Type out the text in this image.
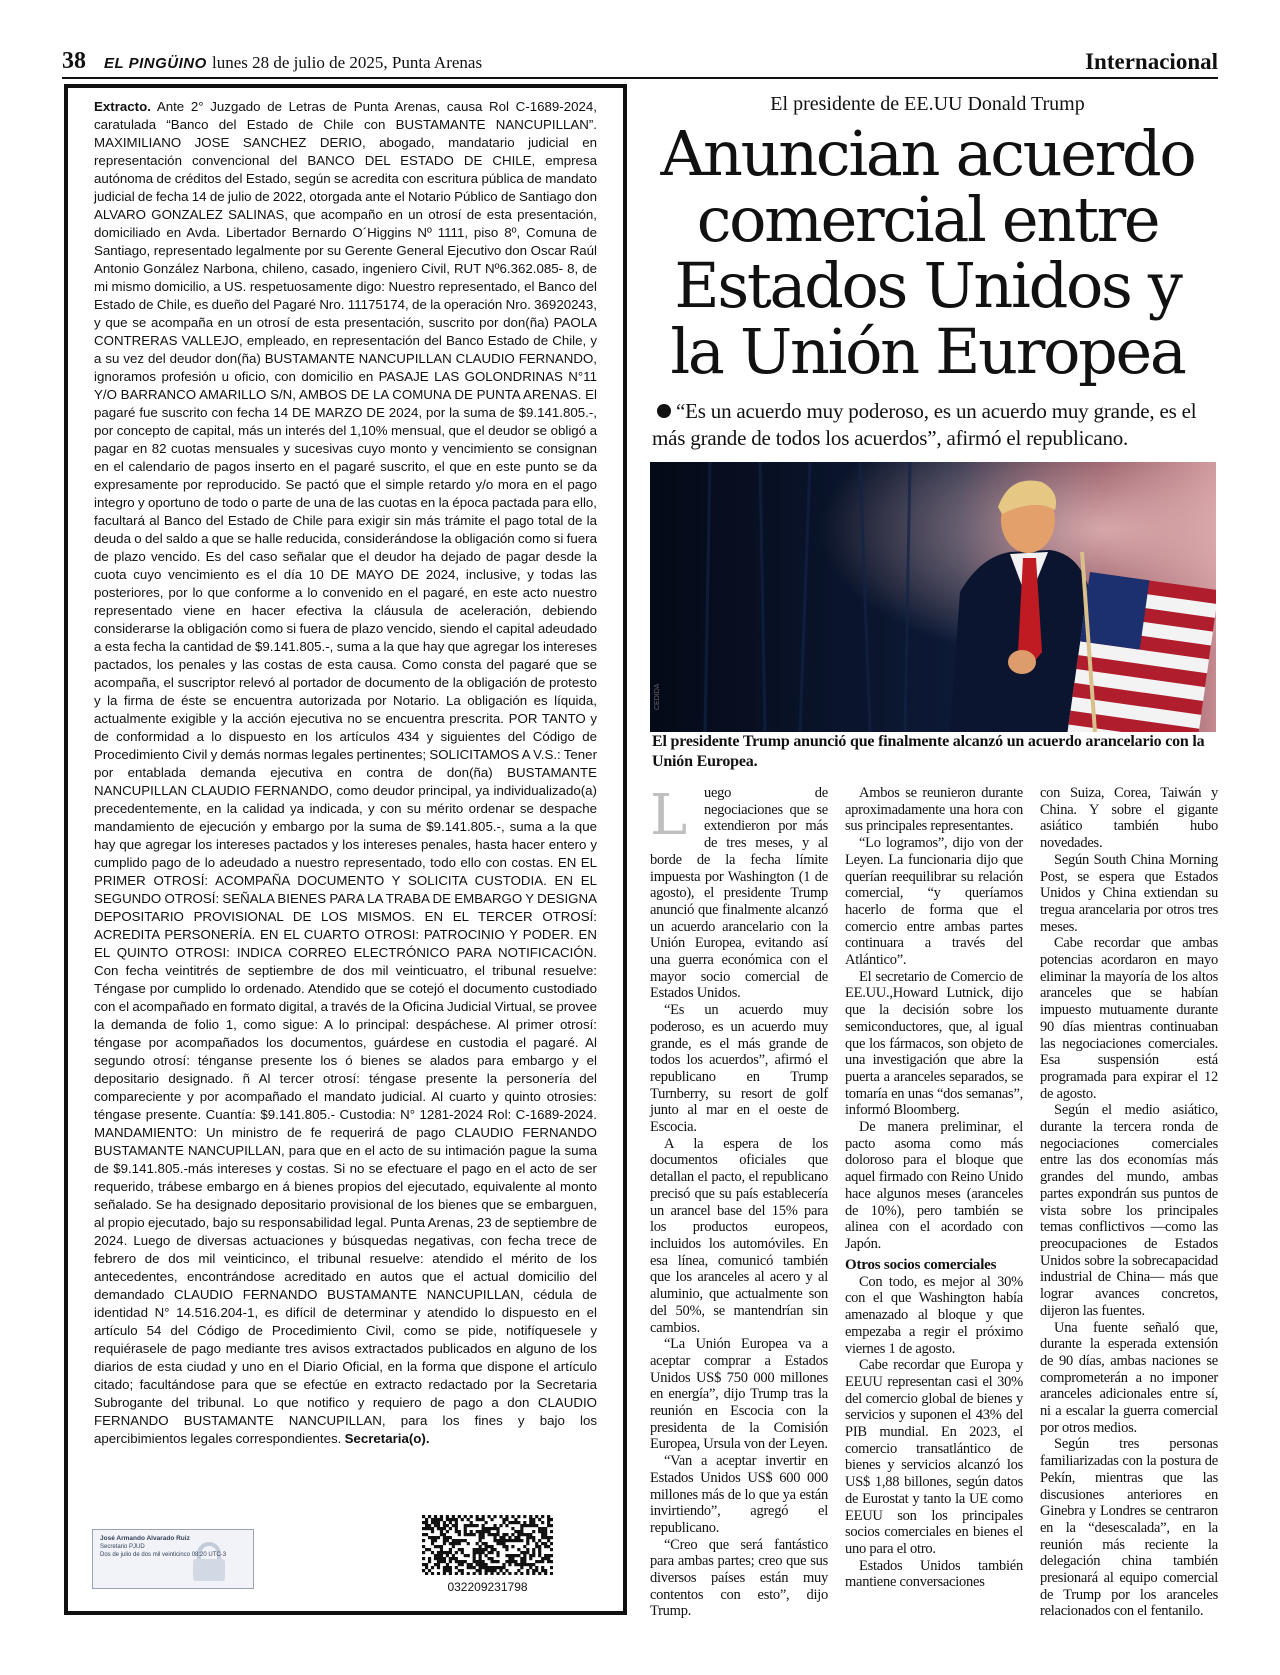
38 EL PINGÜINO lunes 28 de julio de 2025, Punta Arenas	Internacional

Extracto. Ante 2° Juzgado de Letras de Punta Arenas, causa Rol C-1689-2024, caratulada “Banco del Estado de Chile con BUSTAMANTE NANCUPILLAN”. MAXIMILIANO JOSE SANCHEZ DERIO, abogado, mandatario judicial en representación convencional del BANCO DEL ESTADO DE CHILE, empresa autónoma de créditos del Estado, según se acredita con escritura pública de mandato judicial de fecha 14 de julio de 2022, otorgada ante el Notario Público de Santiago don ALVARO GONZALEZ SALINAS, que acompaño en un otrosí de esta presentación, domiciliado en Avda. Libertador Bernardo O´Higgins Nº 1111, piso 8º, Comuna de Santiago, representado legalmente por su Gerente General Ejecutivo don Oscar Raúl Antonio González Narbona, chileno, casado, ingeniero Civil, RUT Nº6.362.085- 8, de mi mismo domicilio, a US. respetuosamente digo: Nuestro representado, el Banco del Estado de Chile, es dueño del Pagaré Nro. 11175174, de la operación Nro. 36920243, y que se acompaña en un otrosí de esta presentación, suscrito por don(ña) PAOLA CONTRERAS VALLEJO, empleado, en representación del Banco Estado de Chile, y a su vez del deudor don(ña) BUSTAMANTE NANCUPILLAN CLAUDIO FERNANDO, ignoramos profesión u oficio, con domicilio en PASAJE LAS GOLONDRINAS N°11 Y/O BARRANCO AMARILLO S/N, AMBOS DE LA COMUNA DE PUNTA ARENAS. El pagaré fue suscrito con fecha 14 DE MARZO DE 2024, por la suma de $9.141.805.-, por concepto de capital, más un interés del 1,10% mensual, que el deudor se obligó a pagar en 82 cuotas mensuales y sucesivas cuyo monto y vencimiento se consignan en el calendario de pagos inserto en el pagaré suscrito, el que en este punto se da expresamente por reproducido. Se pactó que el simple retardo y/o mora en el pago integro y oportuno de todo o parte de una de las cuotas en la época pactada para ello, facultará al Banco del Estado de Chile para exigir sin más trámite el pago total de la deuda o del saldo a que se halle reducida, considerándose la obligación como si fuera de plazo vencido. Es del caso señalar que el deudor ha dejado de pagar desde la cuota cuyo vencimiento es el día 10 DE MAYO DE 2024, inclusive, y todas las posteriores, por lo que conforme a lo convenido en el pagaré, en este acto nuestro representado viene en hacer efectiva la cláusula de aceleración, debiendo considerarse la obligación como si fuera de plazo vencido, siendo el capital adeudado a esta fecha la cantidad de $9.141.805.-, suma a la que hay que agregar los intereses pactados, los penales y las costas de esta causa. Como consta del pagaré que se acompaña, el suscriptor relevó al portador de documento de la obligación de protesto y la firma de éste se encuentra autorizada por Notario. La obligación es líquida, actualmente exigible y la acción ejecutiva no se encuentra prescrita. POR TANTO y de conformidad a lo dispuesto en los artículos 434 y siguientes del Código de Procedimiento Civil y demás normas legales pertinentes; SOLICITAMOS A V.S.: Tener por entablada demanda ejecutiva en contra de don(ña) BUSTAMANTE NANCUPILLAN CLAUDIO FERNANDO, como deudor principal, ya individualizado(a) precedentemente, en la calidad ya indicada, y con su mérito ordenar se despache mandamiento de ejecución y embargo por la suma de $9.141.805.-, suma a la que hay que agregar los intereses pactados y los intereses penales, hasta hacer entero y cumplido pago de lo adeudado a nuestro representado, todo ello con costas. EN EL PRIMER OTROSÍ: ACOMPAÑA DOCUMENTO Y SOLICITA CUSTODIA. EN EL SEGUNDO OTROSÍ: SEÑALA BIENES PARA LA TRABA DE EMBARGO Y DESIGNA DEPOSITARIO PROVISIONAL DE LOS MISMOS. EN EL TERCER OTROSÍ: ACREDITA PERSONERÍA. EN EL CUARTO OTROSI: PATROCINIO Y PODER. EN EL QUINTO OTROSI: INDICA CORREO ELECTRÓNICO PARA NOTIFICACIÓN. Con fecha veintitrés de septiembre de dos mil veinticuatro, el tribunal resuelve: Téngase por cumplido lo ordenado. Atendido que se cotejó el documento custodiado con el acompañado en formato digital, a través de la Oficina Judicial Virtual, se provee la demanda de folio 1, como sigue: A lo principal: despáchese. Al primer otrosí: téngase por acompañados los documentos, guárdese en custodia el pagaré. Al segundo otrosí: ténganse presente los ó bienes se alados para embargo y el depositario designado. ñ Al tercer otrosí: téngase presente la personería del compareciente y por acompañado el mandato judicial. Al cuarto y quinto otrosies: téngase presente. Cuantía: $9.141.805.- Custodia: N° 1281-2024 Rol: C-1689-2024. MANDAMIENTO: Un ministro de fe requerirá de pago CLAUDIO FERNANDO BUSTAMANTE NANCUPILLAN, para que en el acto de su intimación pague la suma de $9.141.805.-más intereses y costas. Si no se efectuare el pago en el acto de ser requerido, trábese embargo en á bienes propios del ejecutado, equivalente al monto señalado. Se ha designado depositario provisional de los bienes que se embarguen, al propio ejecutado, bajo su responsabilidad legal. Punta Arenas, 23 de septiembre de 2024. Luego de diversas actuaciones y búsquedas negativas, con fecha trece de febrero de dos mil veinticinco, el tribunal resuelve: atendido el mérito de los antecedentes, encontrándose acreditado en autos que el actual domicilio del demandado CLAUDIO FERNANDO BUSTAMANTE NANCUPILLAN, cédula de identidad N° 14.516.204-1, es difícil de determinar y atendido lo dispuesto en el artículo 54 del Código de Procedimiento Civil, como se pide, notifíquesele y requiérasele de pago mediante tres avisos extractados publicados en alguno de los diarios de esta ciudad y uno en el Diario Oficial, en la forma que dispone el artículo citado; facultándose para que se efectúe en extracto redactado por la Secretaria Subrogante del tribunal. Lo que notifico y requiero de pago a don CLAUDIO FERNANDO BUSTAMANTE NANCUPILLAN, para los fines y bajo los apercibimientos legales correspondientes. Secretaria(o).

José Armando Alvarado Ruiz
Secretario PJUD
Dos de julio de dos mil veinticinco 08:20 UTC-3
032209231798
El presidente de EE.UU Donald Trump
Anuncian acuerdo comercial entre Estados Unidos y la Unión Europea
“Es un acuerdo muy poderoso, es un acuerdo muy grande, es el más grande de todos los acuerdos”, afirmó el republicano.
CEDIDA
El presidente Trump anunció que finalmente alcanzó un acuerdo arancelario con la Unión Europea.

L	uego de negociaciones que se extendieron por más de tres meses, y al borde de la fecha límite impuesta por Washington (1 de agosto), el presidente Trump anunció que finalmente alcanzó un acuerdo arancelario con la Unión Europea, evitando así una guerra económica con el mayor socio comercial de Estados Unidos.

“Es un acuerdo muy poderoso, es un acuerdo muy grande, es el más grande de todos los acuerdos”, afirmó el republicano en Trump Turnberry, su resort de golf junto al mar en el oeste de Escocia.

A la espera de los documentos oficiales que detallan el pacto, el republicano precisó que su país establecería un arancel base del 15% para los productos europeos, incluidos los automóviles. En esa línea, comunicó también que los aranceles al acero y al aluminio, que actualmente son del 50%, se mantendrían sin cambios.

“La Unión Europea va a aceptar comprar a Estados Unidos US$ 750 000 millones en energía”, dijo Trump tras la reunión en Escocia con la presidenta de la Comisión Europea, Ursula von der Leyen.

“Van a aceptar invertir en Estados Unidos US$ 600 000 millones más de lo que ya están invirtiendo”, agregó el republicano.

“Creo que será fantástico para ambas partes; creo que sus diversos países están muy contentos con esto”, dijo Trump.

Ambos se reunieron durante aproximadamente una hora con sus principales representantes.

“Lo logramos”, dijo von der Leyen. La funcionaria dijo que querían reequilibrar su relación comercial, “y queríamos hacerlo de forma que el comercio entre ambas partes continuara a través del Atlántico”.

El secretario de Comercio de EE.UU.,Howard Lutnick, dijo que la decisión sobre los semiconductores, que, al igual que los fármacos, son objeto de una investigación que abre la puerta a aranceles separados, se tomaría en unas “dos semanas”, informó Bloomberg.

De manera preliminar, el pacto asoma como más doloroso para el bloque que aquel firmado con Reino Unido hace algunos meses (aranceles de 10%), pero también se alinea con el acordado con Japón.

Otros socios comerciales

Con todo, es mejor al 30% con el que Washington había amenazado al bloque y que empezaba a regir el próximo viernes 1 de agosto.

Cabe recordar que Europa y EEUU representan casi el 30% del comercio global de bienes y servicios y suponen el 43% del PIB mundial. En 2023, el comercio transatlántico de bienes y servicios alcanzó los US$ 1,88 billones, según datos de Eurostat y tanto la UE como EEUU son los principales socios comerciales en bienes el uno para el otro.

Estados Unidos también mantiene conversaciones

con Suiza, Corea, Taiwán y China. Y sobre el gigante asiático también hubo novedades.

Según South China Morning Post, se espera que Estados Unidos y China extiendan su tregua arancelaria por otros tres meses.

Cabe recordar que ambas potencias acordaron en mayo eliminar la mayoría de los altos aranceles que se habían impuesto mutuamente durante 90 días mientras continuaban las negociaciones comerciales. Esa suspensión está programada para expirar el 12 de agosto.

Según el medio asiático, durante la tercera ronda de negociaciones comerciales entre las dos economías más grandes del mundo, ambas partes expondrán sus puntos de vista sobre los principales temas conflictivos —como las preocupaciones de Estados Unidos sobre la sobrecapacidad industrial de China— más que lograr avances concretos, dijeron las fuentes.

Una fuente señaló que, durante la esperada extensión de 90 días, ambas naciones se comprometerán a no imponer aranceles adicionales entre sí, ni a escalar la guerra comercial por otros medios.

Según tres personas familiarizadas con la postura de Pekín, mientras que las discusiones anteriores en Ginebra y Londres se centraron en la “desescalada”, en la reunión más reciente la delegación china también presionará al equipo comercial de Trump por los aranceles relacionados con el fentanilo.
